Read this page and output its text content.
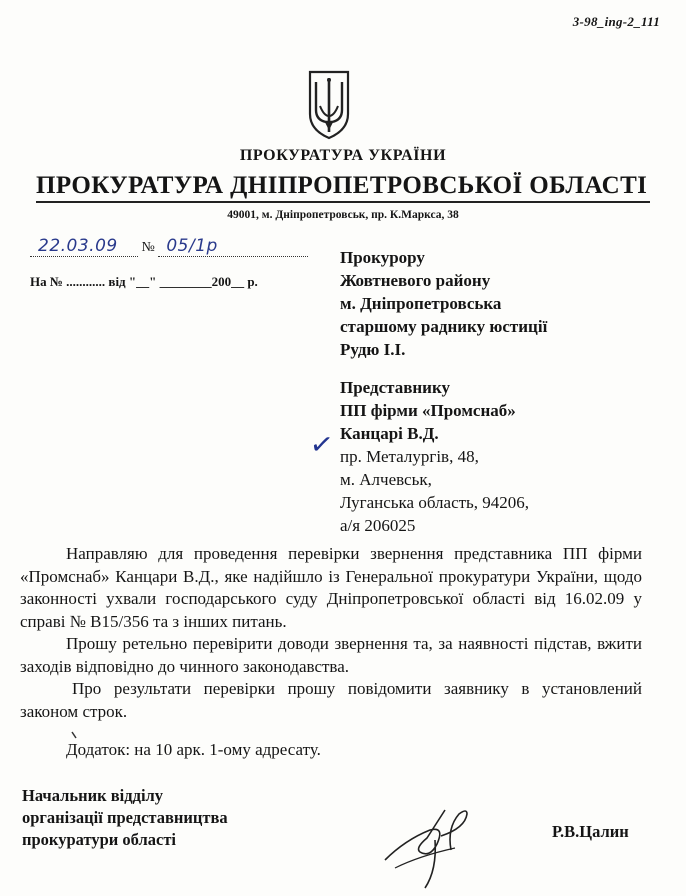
3-98_ing-2_111
ПРОКУРАТУРА УКРАЇНИ
ПРОКУРАТУРА ДНІПРОПЕТРОВСЬКОЇ ОБЛАСТІ
49001, м. Дніпропетровськ, пр. К.Маркса, 38
22.03.09 № 05/1р
На № ............ від "__" ________200__ р.
Прокурору
Жовтневого району
м. Дніпропетровська
старшому раднику юстиції
Рудю І.І.
✓
Представнику
ПП фірми «Промснаб»
Канцарі В.Д.
пр. Металургів, 48,
м. Алчевськ,
Луганська область, 94206,
а/я 206025

Направляю для проведення перевірки звернення представника ПП фірми «Промснаб» Канцари В.Д., яке надійшло із Генеральної прокуратури України, щодо законності ухвали господарського суду Дніпропетровської області від 16.02.09 у справі № В15/356 та з інших питань.

Прошу ретельно перевірити доводи звернення та, за наявності підстав, вжити заходів відповідно до чинного законодавства.

Про результати перевірки прошу повідомити заявнику в установлений законом строк.

Додаток: на 10 арк. 1-ому адресату.

Начальник відділу
організації представництва
прокуратури області	Р.В.Цалин
